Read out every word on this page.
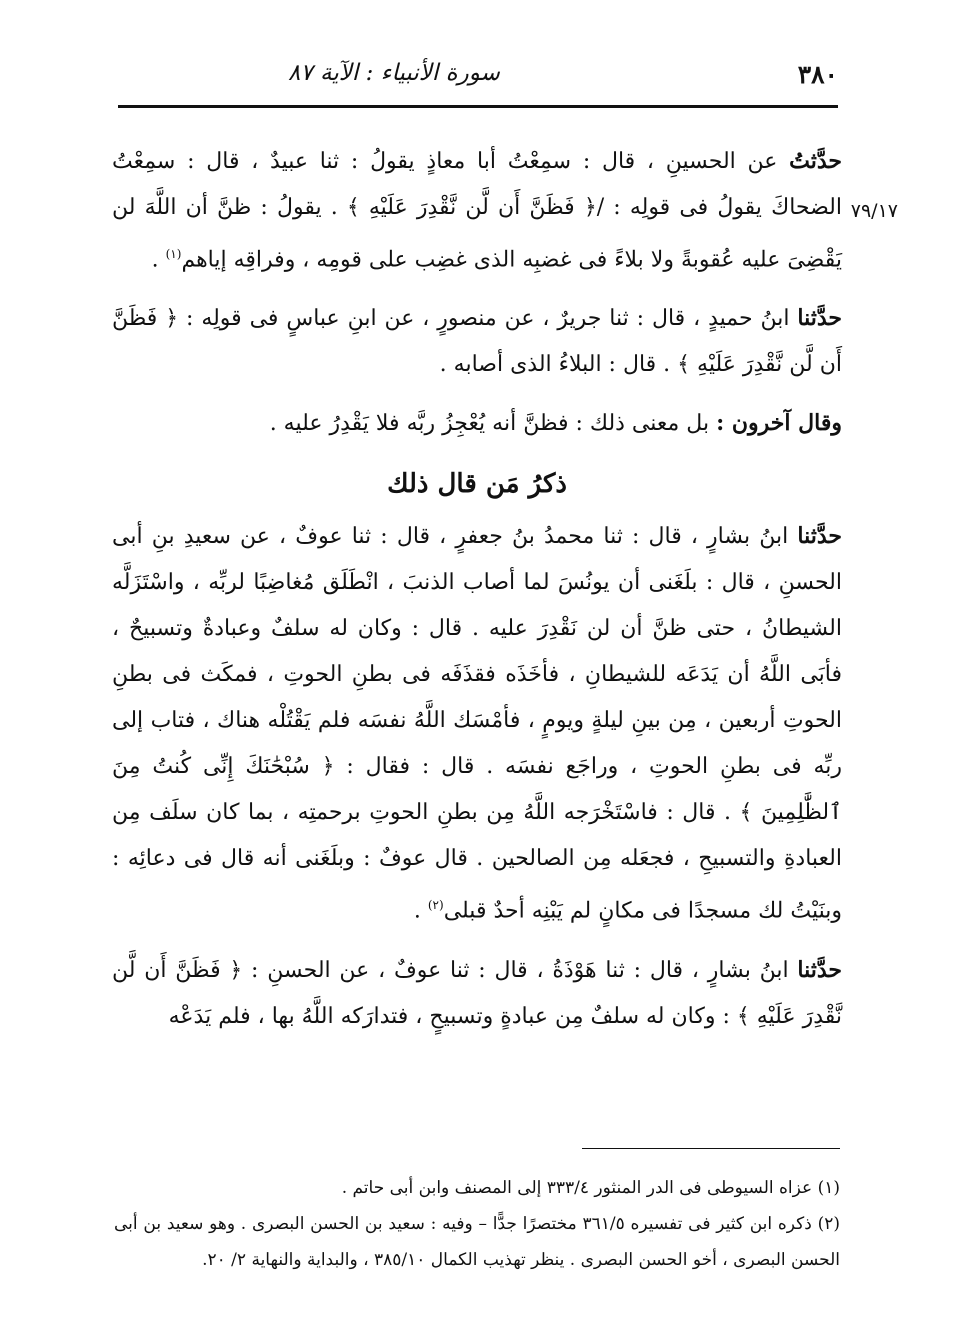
٣٨٠
سورة الأنبياء : الآية ٨٧
٧٩/١٧

حدَّثتُ عن الحسينِ ، قال : سمِعْتُ أبا معاذٍ يقولُ : ثنا عبيدٌ ، قال : سمِعْتُ الضحاكَ يقولُ فى قولِه : /﴿ فَظَنَّ أَن لَّن نَّقْدِرَ عَلَيْهِ ﴾ . يقولُ : ظنَّ أن اللَّهَ لن يَقْضِىَ عليه عُقوبةً ولا بلاءً فى غضبِه الذى غضِب على قومِه ، وفراقِه إياهم$^{(١)}$ .

حدَّثنا ابنُ حميدٍ ، قال : ثنا جريرٌ ، عن منصورٍ ، عن ابنِ عباسٍ فى قولِه : ﴿ فَظَنَّ أَن لَّن نَّقْدِرَ عَلَيْهِ ﴾ . قال : البلاءُ الذى أصابه .

وقال آخرون : بل معنى ذلك : فظنَّ أنه يُعْجِزُ ربَّه فلا يَقْدِرُ عليه .

ذكرُ مَن قال ذلك

حدَّثنا ابنُ بشارٍ ، قال : ثنا محمدُ بنُ جعفرٍ ، قال : ثنا عوفٌ ، عن سعيدِ بنِ أبى الحسنِ ، قال : بلَغَنى أن يونُسَ لما أصاب الذنبَ ، انْطَلَق مُغاضِبًا لربِّه ، واسْتَزَلَّه الشيطانُ ، حتى ظنَّ أن لن نَقْدِرَ عليه . قال : وكان له سلفٌ وعبادةٌ وتسبيحٌ ، فأبَى اللَّهُ أن يَدَعَه للشيطانِ ، فأخَذَه فقذَفَه فى بطنِ الحوتِ ، فمكَث فى بطنِ الحوتِ أربعين ، مِن بينِ ليلةٍ ويومٍ ، فأمْسَك اللَّهُ نفسَه فلم يَقْتُلْه هناك ، فتاب إلى ربِّه فى بطنِ الحوتِ ، وراجَع نفسَه . قال : فقال : ﴿ سُبْحَٰنَكَ إِنِّى كُنتُ مِنَ ٱلظَّٰلِمِينَ ﴾ . قال : فاسْتَخْرَجه اللَّهُ مِن بطنِ الحوتِ برحمتِه ، بما كان سلَف مِن العبادةِ والتسبيحِ ، فجعَله مِن الصالحين . قال عوفٌ : وبلَغَنى أنه قال فى دعائِه : وبنَيْتُ لك مسجدًا فى مكانٍ لم يَبْنِه أحدٌ قبلى$^{(٢)}$ .

حدَّثنا ابنُ بشارٍ ، قال : ثنا هَوْذَةُ ، قال : ثنا عوفٌ ، عن الحسنِ : ﴿ فَظَنَّ أَن لَّن نَّقْدِرَ عَلَيْهِ ﴾ : وكان له سلفٌ مِن عبادةٍ وتسبيحٍ ، فتدارَكه اللَّهُ بها ، فلم يَدَعْه

(١) عزاه السيوطى فى الدر المنثور ٣٣٣/٤ إلى المصنف وابن أبى حاتم .

(٢) ذكره ابن كثير فى تفسيره ٣٦١/٥ مختصرًا جدًّا – وفيه : سعيد بن الحسن البصرى . وهو سعيد بن أبى الحسن البصرى ، أخو الحسن البصرى . ينظر تهذيب الكمال ٣٨٥/١٠ ، والبداية والنهاية ٢/ ٢٠.
